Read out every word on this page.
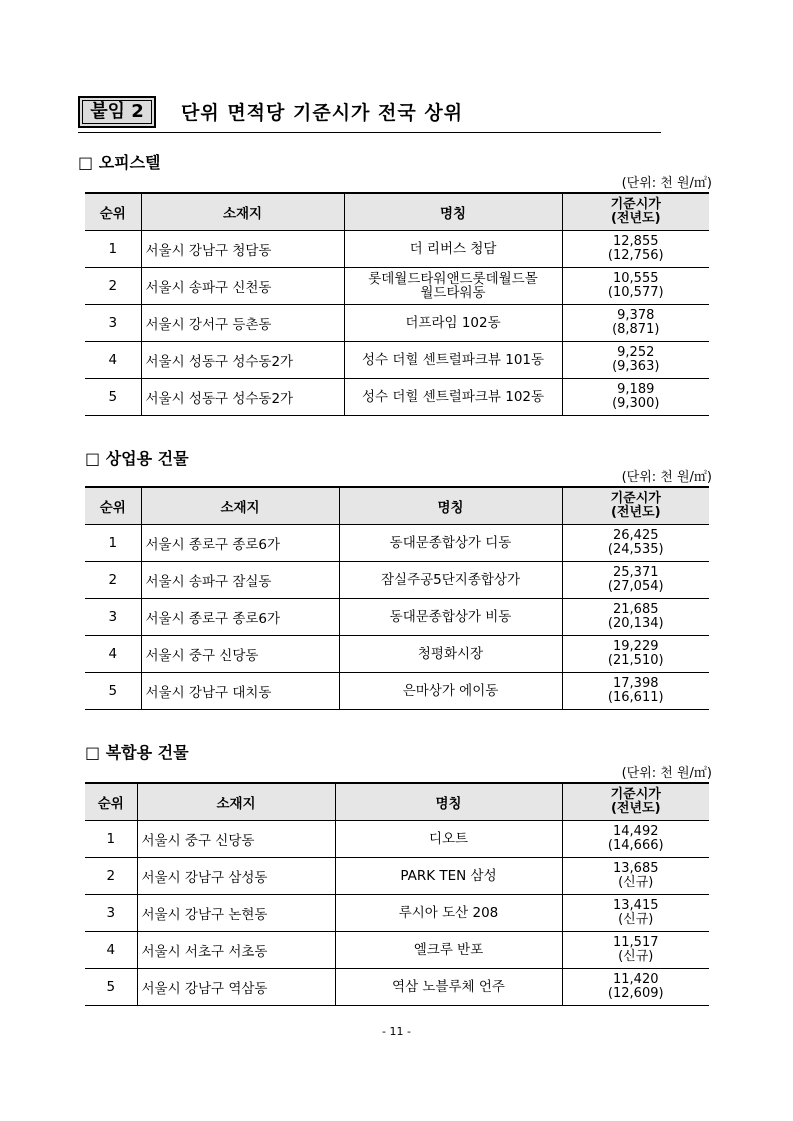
붙임 2	단위 면적당 기준시가 전국 상위
□ 오피스텔
(단위: 천 원/㎡)
순위	소재지	명칭	기준시가
(전년도)
1	서울시 강남구 청담동	더 리버스 청담	12,855
(12,756)
2	서울시 송파구 신천동	롯데월드타워앤드롯데월드몰
월드타워동	10,555
(10,577)
3	서울시 강서구 등촌동	더프라임 102동	9,378
(8,871)
4	서울시 성동구 성수동2가	성수 더힐 센트럴파크뷰 101동	9,252
(9,363)
5	서울시 성동구 성수동2가	성수 더힐 센트럴파크뷰 102동	9,189
(9,300)
□ 상업용 건물
(단위: 천 원/㎡)
순위	소재지	명칭	기준시가
(전년도)
1	서울시 종로구 종로6가	동대문종합상가 디동	26,425
(24,535)
2	서울시 송파구 잠실동	잠실주공5단지종합상가	25,371
(27,054)
3	서울시 종로구 종로6가	동대문종합상가 비동	21,685
(20,134)
4	서울시 중구 신당동	청평화시장	19,229
(21,510)
5	서울시 강남구 대치동	은마상가 에이동	17,398
(16,611)
□ 복합용 건물
(단위: 천 원/㎡)
순위	소재지	명칭	기준시가
(전년도)
1	서울시 중구 신당동	디오트	14,492
(14,666)
2	서울시 강남구 삼성동	PARK TEN 삼성	13,685
(신규)
3	서울시 강남구 논현동	루시아 도산 208	13,415
(신규)
4	서울시 서초구 서초동	엘크루 반포	11,517
(신규)
5	서울시 강남구 역삼동	역삼 노블루체 언주	11,420
(12,609)
- 11 -
